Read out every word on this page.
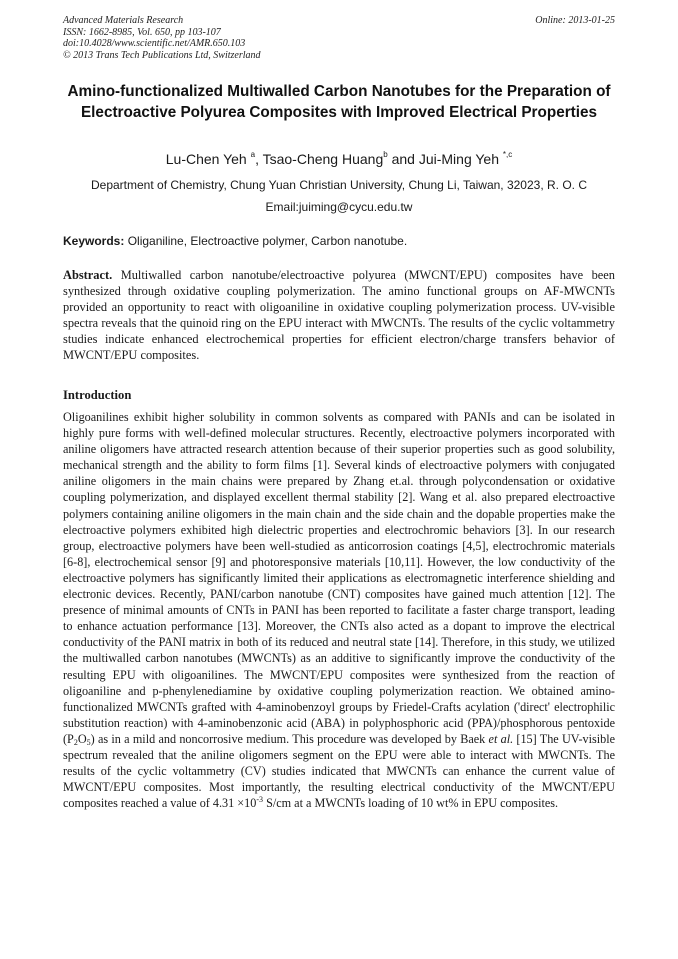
Advanced Materials Research
ISSN: 1662-8985, Vol. 650, pp 103-107
doi:10.4028/www.scientific.net/AMR.650.103
© 2013 Trans Tech Publications Ltd, Switzerland
Online: 2013-01-25
Amino-functionalized Multiwalled Carbon Nanotubes for the Preparation of Electroactive Polyurea Composites with Improved Electrical Properties
Lu-Chen Yeh $^a$, Tsao-Cheng Huang$^b$ and Jui-Ming Yeh $^{*,c}$
Department of Chemistry, Chung Yuan Christian University, Chung Li, Taiwan, 32023, R. O. C
Email:juiming@cycu.edu.tw
Keywords: Oliganiline, Electroactive polymer, Carbon nanotube.
Abstract. Multiwalled carbon nanotube/electroactive polyurea (MWCNT/EPU) composites have been synthesized through oxidative coupling polymerization. The amino functional groups on AF-MWCNTs provided an opportunity to react with oligoaniline in oxidative coupling polymerization process. UV-visible spectra reveals that the quinoid ring on the EPU interact with MWCNTs. The results of the cyclic voltammetry studies indicate enhanced electrochemical properties for efficient electron/charge transfers behavior of MWCNT/EPU composites.
Introduction
Oligoanilines exhibit higher solubility in common solvents as compared with PANIs and can be isolated in highly pure forms with well-defined molecular structures. Recently, electroactive polymers incorporated with aniline oligomers have attracted research attention because of their superior properties such as good solubility, mechanical strength and the ability to form films [1]. Several kinds of electroactive polymers with conjugated aniline oligomers in the main chains were prepared by Zhang et.al. through polycondensation or oxidative coupling polymerization, and displayed excellent thermal stability [2]. Wang et al. also prepared electroactive polymers containing aniline oligomers in the main chain and the side chain and the dopable properties make the electroactive polymers exhibited high dielectric properties and electrochromic behaviors [3]. In our research group, electroactive polymers have been well-studied as anticorrosion coatings [4,5], electrochromic materials [6-8], electrochemical sensor [9] and photoresponsive materials [10,11]. However, the low conductivity of the electroactive polymers has significantly limited their applications as electromagnetic interference shielding and electronic devices. Recently, PANI/carbon nanotube (CNT) composites have gained much attention [12]. The presence of minimal amounts of CNTs in PANI has been reported to facilitate a faster charge transport, leading to enhance actuation performance [13]. Moreover, the CNTs also acted as a dopant to improve the electrical conductivity of the PANI matrix in both of its reduced and neutral state [14]. Therefore, in this study, we utilized the multiwalled carbon nanotubes (MWCNTs) as an additive to significantly improve the conductivity of the resulting EPU with oligoanilines. The MWCNT/EPU composites were synthesized from the reaction of oligoaniline and p-phenylenediamine by oxidative coupling polymerization reaction. We obtained amino-functionalized MWCNTs grafted with 4-aminobenzoyl groups by Friedel-Crafts acylation ('direct' electrophilic substitution reaction) with 4-aminobenzonic acid (ABA) in polyphosphoric acid (PPA)/phosphorous pentoxide $(P_2O_5)$ as in a mild and noncorrosive medium. This procedure was developed by Baek et al. [15] The UV-visible spectrum revealed that the aniline oligomers segment on the EPU were able to interact with MWCNTs. The results of the cyclic voltammetry (CV) studies indicated that MWCNTs can enhance the current value of MWCNT/EPU composites. Most importantly, the resulting electrical conductivity of the MWCNT/EPU composites reached a value of $4.31 \times 10^{-3}$ S/cm at a MWCNTs loading of 10 wt% in EPU composites.
